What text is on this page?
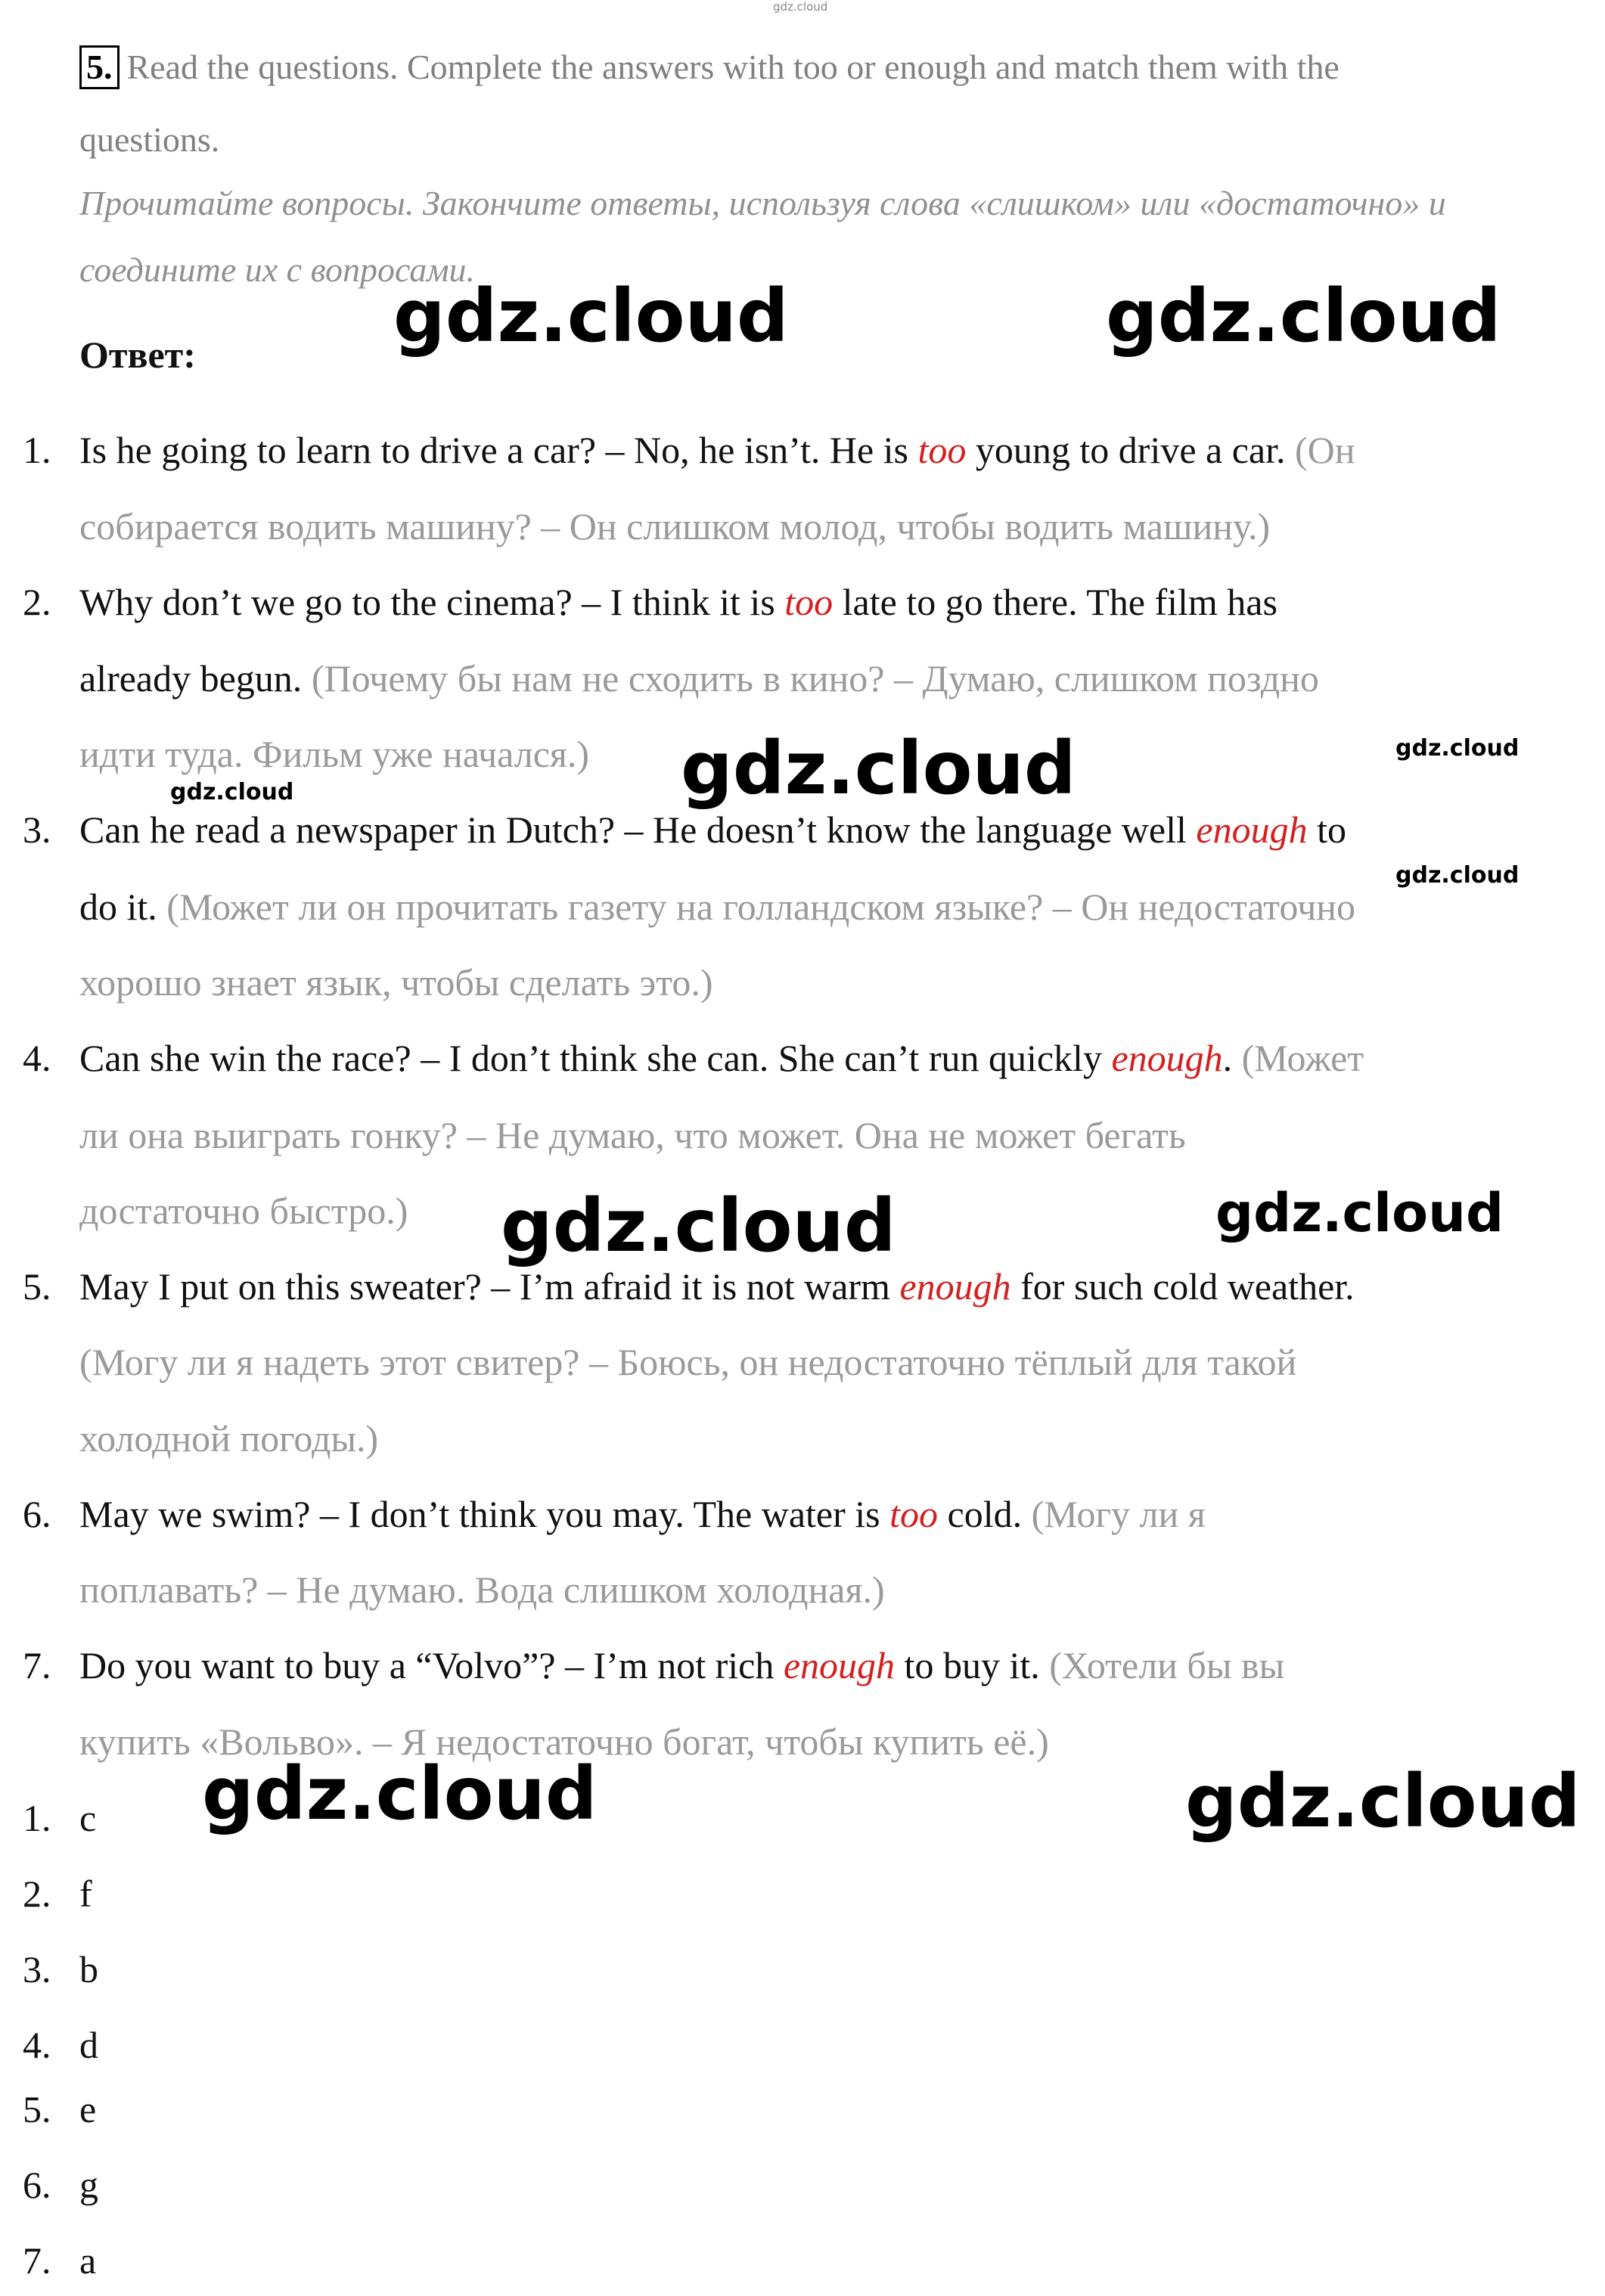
gdz.cloud
gdz.cloud	gdz.cloud
gdz.cloud	gdz.cloud
gdz.cloud
gdz.cloud
gdz.cloud	gdz.cloud
gdz.cloud	gdz.cloud
5. Read the questions. Complete the answers with too or enough and match them with the
questions.
Прочитайте вопросы. Закончите ответы, используя слова «слишком» или «достаточно» и
соедините их с вопросами.
Ответ:
1. Is he going to learn to drive a car? – No, he isn’t. He is too young to drive a car. (Он
собирается водить машину? – Он слишком молод, чтобы водить машину.)
2. Why don’t we go to the cinema? – I think it is too late to go there. The film has
already begun. (Почему бы нам не сходить в кино? – Думаю, слишком поздно
идти туда. Фильм уже начался.)
3. Can he read a newspaper in Dutch? – He doesn’t know the language well enough to
do it. (Может ли он прочитать газету на голландском языке? – Он недостаточно
хорошо знает язык, чтобы сделать это.)
4. Can she win the race? – I don’t think she can. She can’t run quickly enough. (Может
ли она выиграть гонку? – Не думаю, что может. Она не может бегать
достаточно быстро.)
5. May I put on this sweater? – I’m afraid it is not warm enough for such cold weather.
(Могу ли я надеть этот свитер? – Боюсь, он недостаточно тёплый для такой
холодной погоды.)
6. May we swim? – I don’t think you may. The water is too cold. (Могу ли я
поплавать? – Не думаю. Вода слишком холодная.)
7. Do you want to buy a “Volvo”? – I’m not rich enough to buy it. (Хотели бы вы
купить «Вольво». – Я недостаточно богат, чтобы купить её.)
1. c
2. f
3. b
4. d
5. e
6. g
7. a
